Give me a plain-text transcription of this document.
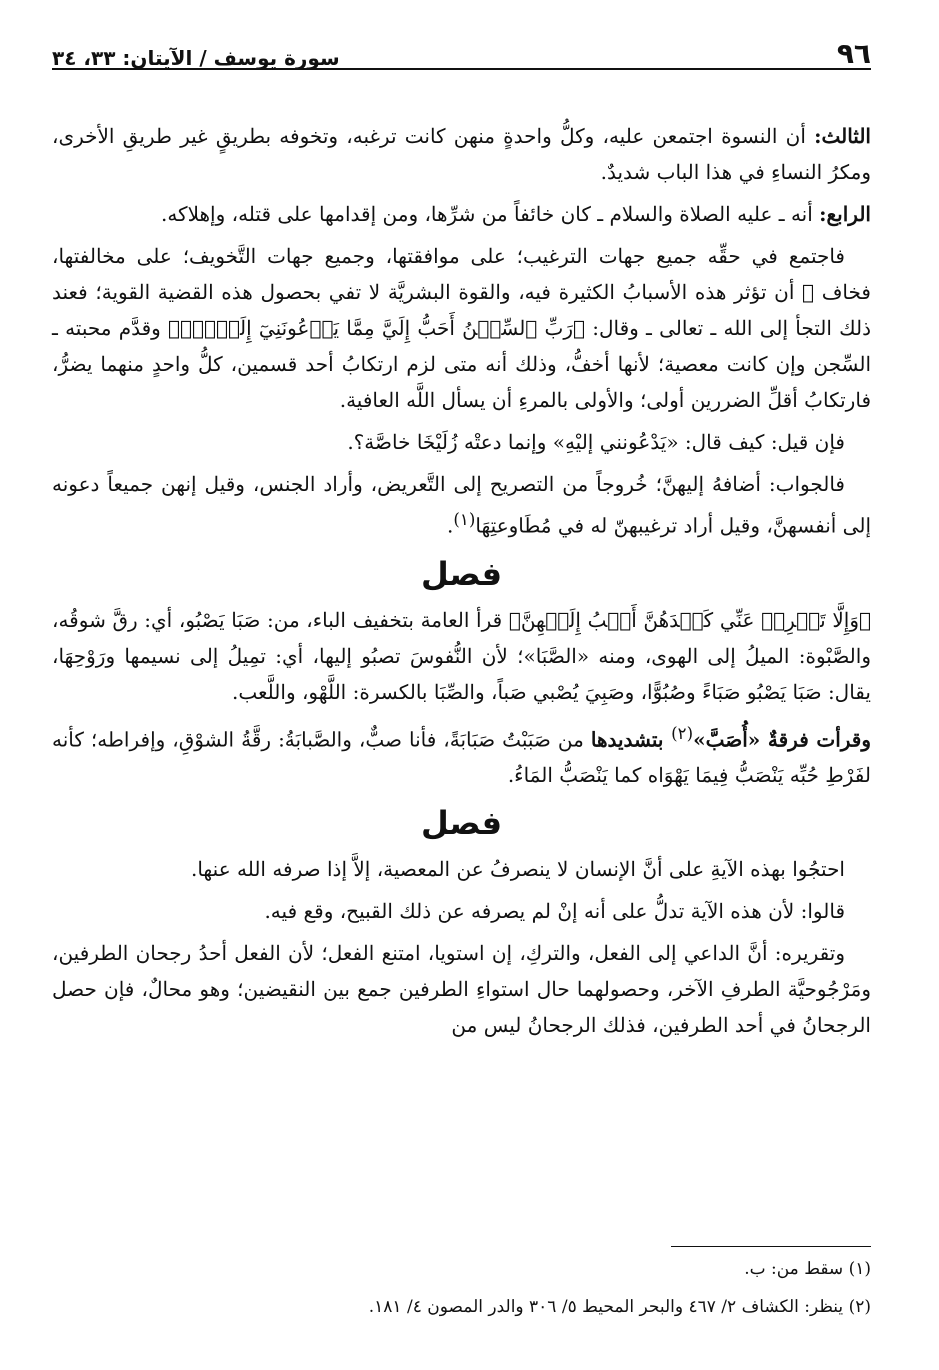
٩٦
سورة يوسف / الآيتان: ٣٣، ٣٤

الثالث: أن النسوة اجتمعن عليه، وكلُّ واحدةٍ منهن كانت ترغبه، وتخوفه بطريقٍ غير طريقِ الأخرى، ومكرُ النساءِ في هذا الباب شديدٌ.

الرابع: أنه ـ عليه الصلاة والسلام ـ كان خائفاً من شرِّها، ومن إقدامها على قتله، وإهلاكه.

فاجتمع في حقِّه جميع جهات الترغيب؛ على موافقتها، وجميع جهات التَّخويف؛ على مخالفتها، فخاف ﷺ أن تؤثر هذه الأسبابُ الكثيرة فيه، والقوة البشريَّة لا تفي بحصول هذه القضية القوية؛ فعند ذلك التجأ إلى الله ـ تعالى ـ وقال: ﴿رَبِّ ٱلسِّجۡنُ أَحَبُّ إِلَيَّ مِمَّا يَدۡعُونَنِيٓ إِلَيۡهِۖ﴾ وقدَّم محبته ـ السِّجن وإن كانت معصية؛ لأنها أخفُّ، وذلك أنه متى لزم ارتكابُ أحد قسمين، كلُّ واحدٍ منهما يضرُّ، فارتكابُ أقلِّ الضررين أولى؛ والأولى بالمرءِ أن يسأل اللَّه العافية.

فإن قيل: كيف قال: «يَدْعُونني إليْهِ» وإنما دعتْه زُلَيْخَا خاصَّة؟.

فالجواب: أضافهُ إليهنَّ؛ خُروجاً من التصريح إلى التَّعريض، وأراد الجنس، وقيل إنهن جميعاً دعونه إلى أنفسهنَّ، وقيل أراد ترغيبهنّ له في مُطَاوعتِهَا$^{(١)}$.

فصل

﴿وَإِلَّا تَصۡرِفۡ عَنِّي كَيۡدَهُنَّ أَصۡبُ إِلَيۡهِنَّ﴾ قرأ العامة بتخفيف الباء، من: صَبَا يَصْبُو، أي: رقَّ شوقُه، والصَّبْوة: الميلُ إلى الهوى، ومنه «الصَّبَا»؛ لأن النُّفوسَ تصبُو إليها، أي: تمِيلُ إلى نسيمها ورَوْحِهَا، يقال: صَبَا يَصْبُو صَبَاءً وصُبُوًّا، وصَبِيَ يُصْبي صَباً، والصِّبَا بالكسرة: اللَّهْو، واللَّعب.

وقرأت فرقةٌ «أُصَبَّ»$^{(٢)}$ بتشديدها من صَبَبْتُ صَبَابَةً، فأنا صبٌّ، والصَّبابَةُ: رقَّةُ الشوْقِ، وإفراطه؛ كأنه لفَرْطِ حُبِّه يَنْصَبُّ فِيمَا يَهْوَاه كما يَنْصَبُّ المَاءُ.

فصل

احتجُوا بهذه الآيةِ على أنَّ الإنسان لا ينصرفُ عن المعصية، إلاَّ إذا صرفه الله عنها.

قالوا: لأن هذه الآية تدلُّ على أنه إنْ لم يصرفه عن ذلك القبيح، وقع فيه.

وتقريره: أنَّ الداعي إلى الفعل، والتركِ، إن استويا، امتنع الفعل؛ لأن الفعل أحدُ رجحان الطرفين، ومَرْجُوحيَّة الطرفِ الآخر، وحصولهما حال استواءِ الطرفين جمع بين النقيضين؛ وهو محالٌ، فإن حصل الرجحانُ في أحد الطرفين، فذلك الرجحانُ ليس من

(١) سقط من: ب.

(٢) ينظر: الكشاف ٢/ ٤٦٧ والبحر المحيط ٥/ ٣٠٦ والدر المصون ٤/ ١٨١.
